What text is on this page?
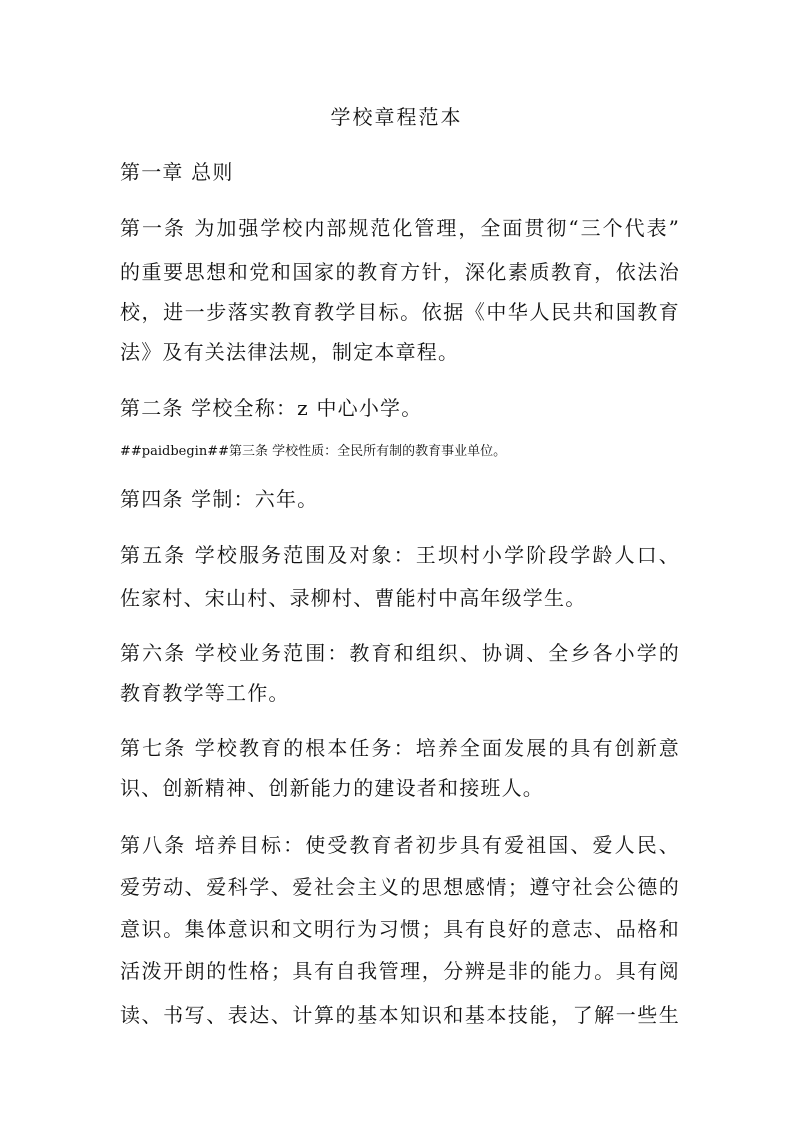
学校章程范本
第一章 总则
第一条 为加强学校内部规范化管理，全面贯彻“三个代表”
的重要思想和党和国家的教育方针，深化素质教育，依法治
校，进一步落实教育教学目标。依据《中华人民共和国教育
法》及有关法律法规，制定本章程。
第二条 学校全称：z 中心小学。
##paidbegin##第三条 学校性质：全民所有制的教育事业单位。
第四条 学制：六年。
第五条 学校服务范围及对象：王坝村小学阶段学龄人口、
佐家村、宋山村、录柳村、曹能村中高年级学生。
第六条 学校业务范围：教育和组织、协调、全乡各小学的
教育教学等工作。
第七条 学校教育的根本任务：培养全面发展的具有创新意
识、创新精神、创新能力的建设者和接班人。
第八条 培养目标：使受教育者初步具有爱祖国、爱人民、
爱劳动、爱科学、爱社会主义的思想感情；遵守社会公德的
意识。集体意识和文明行为习惯；具有良好的意志、品格和
活泼开朗的性格；具有自我管理，分辨是非的能力。具有阅
读、书写、表达、计算的基本知识和基本技能，了解一些生
